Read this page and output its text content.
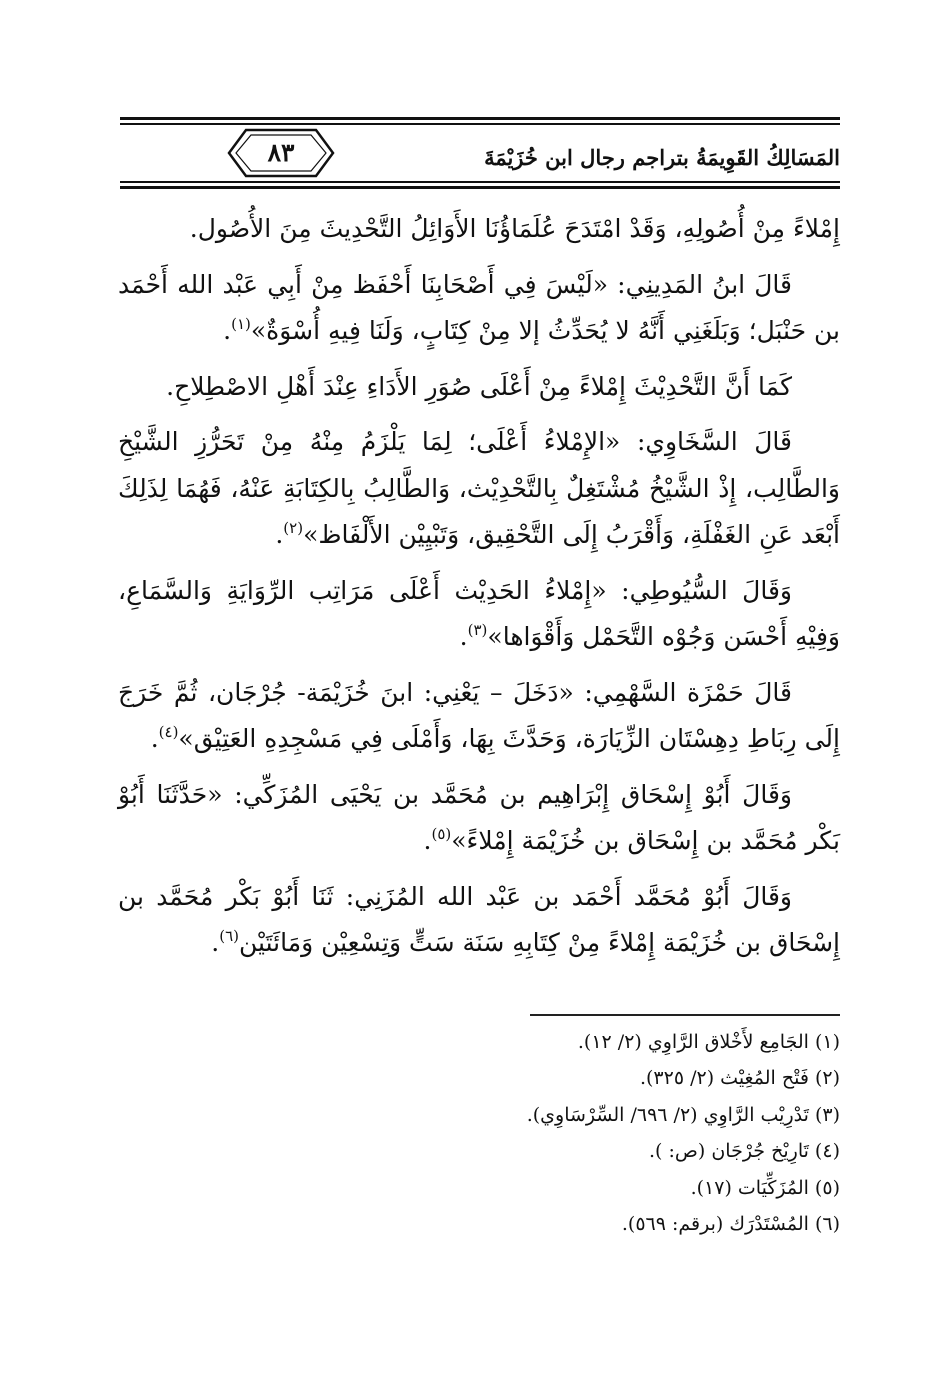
المَسَالِكُ القَوِيمَةُ بتراجم رجال ابن خُزَيْمَةَ
٨٣

إِمْلاءً مِنْ أُصُولِهِ، وَقَدْ امْتَدَحَ عُلَمَاؤُنَا الأَوَائِلُ التَّحْدِيثَ مِنَ الأُصُول.

قَالَ ابنُ المَدِينِي: «لَيْسَ فِي أَصْحَابِنَا أَحْفَظ مِنْ أَبِي عَبْد الله أَحْمَد بن حَنْبَل؛ وَبَلَغَنِي أَنَّهُ لا يُحَدِّثُ إلا مِنْ كِتَابٍ، وَلَنَا فِيهِ أُسْوَةٌ»$^{(١)}$.

كَمَا أَنَّ التَّحْدِيْثَ إِمْلاءً مِنْ أَعْلَى صُوَرِ الأَدَاءِ عِنْدَ أَهْلِ الاصْطِلاحِ.

قَالَ السَّخَاوِي: «الإِمْلاءُ أَعْلَى؛ لِمَا يَلْزَمُ مِنْهُ مِنْ تَحَرُّزِ الشَّيْخِ وَالطَّالِب، إِذْ الشَّيْخُ مُشْتَغِلٌ بِالتَّحْدِيْث، وَالطَّالِبُ بِالكِتَابَةِ عَنْهُ، فَهُمَا لِذَلِكَ أَبْعَد عَنِ الغَفْلَةِ، وَأَقْرَبُ إِلَى التَّحْقِيق، وَتَبْيِيْن الأَلْفَاظ»$^{(٢)}$.

وَقَالَ السُّيُوطِي: «إِمْلاءُ الحَدِيْث أَعْلَى مَرَاتِب الرِّوَايَةِ وَالسَّمَاعِ، وَفِيْهِ أَحْسَن وَجُوْه التَّحَمْل وَأَقْوَاها»$^{(٣)}$.

قَالَ حَمْزَة السَّهْمِي: «دَخَلَ – يَعْنِي: ابنَ خُزَيْمَة- جُرْجَان، ثُمَّ خَرَجَ إِلَى رِبَاطِ دِهِسْتَان الزِّيَارَة، وَحَدَّثَ بِهَا، وَأَمْلَى فِي مَسْجِدِهِ العَتِيْق»$^{(٤)}$.

وَقَالَ أَبُوْ إِسْحَاق إِبْرَاهِيم بن مُحَمَّد بن يَحْيَى المُزَكِّي: «حَدَّثَنَا أَبُوْ بَكْر مُحَمَّد بن إِسْحَاق بن خُزَيْمَة إِمْلاءً»$^{(٥)}$.

وَقَالَ أَبُوْ مُحَمَّد أَحْمَد بن عَبْد الله المُزَنِي: ثَنَا أَبُوْ بَكْر مُحَمَّد بن إِسْحَاق بن خُزَيْمَة إِمْلاءً مِنْ كِتَابِهِ سَنَة سَتٍّ وَتِسْعِيْن وَمَائَتَيْن$^{(٦)}$.

(١) الجَامِع لأَخْلاق الرَّاوِي (٢/ ١٢).
(٢) فَتْح المُغِيْث (٢/ ٣٢٥).
(٣) تَدْرِيْب الرَّاوِي (٢/ ٦٩٦/ السِّرْسَاوِي).
(٤) تَارِيْخ جُرْجَان (ص: ).
(٥) المُزَكِّيَات (١٧).
(٦) المُسْتَدْرَك (برقم: ٥٦٩).
